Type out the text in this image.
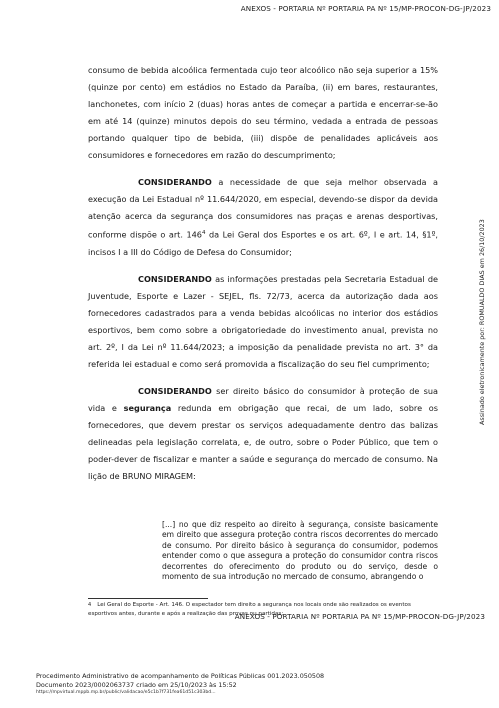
ANEXOS - PORTARIA Nº PORTARIA PA Nº 15/MP-PROCON-DG-JP/2023

consumo de bebida alcoólica fermentada cujo teor alcoólico não seja superior a 15% (quinze por cento) em estádios no Estado da Paraíba, (ii) em bares, restaurantes, lanchonetes, com início 2 (duas) horas antes de começar a partida e encerrar-se-ão em até 14 (quinze) minutos depois do seu término, vedada a entrada de pessoas portando qualquer tipo de bebida, (iii) dispõe de penalidades aplicáveis aos consumidores e fornecedores em razão do descumprimento;

CONSIDERANDO a necessidade de que seja melhor observada a execução da Lei Estadual nº 11.644/2020, em especial, devendo-se dispor da devida atenção acerca da segurança dos consumidores nas praças e arenas desportivas, conforme dispõe o art. $146^4$ da Lei Geral dos Esportes e os art. 6º, I e art. 14, §1º, incisos I a III do Código de Defesa do Consumidor;

CONSIDERANDO as informações prestadas pela Secretaria Estadual de Juventude, Esporte e Lazer - SEJEL, fls. 72/73, acerca da autorização dada aos fornecedores cadastrados para a venda bebidas alcoólicas no interior dos estádios esportivos, bem como sobre a obrigatoriedade do investimento anual, prevista no art. 2º, I da Lei nº 11.644/2023; a imposição da penalidade prevista no art. 3° da referida lei estadual e como será promovida a fiscalização do seu fiel cumprimento;

CONSIDERANDO ser direito básico do consumidor à proteção de sua vida e segurança redunda em obrigação que recai, de um lado, sobre os fornecedores, que devem prestar os serviços adequadamente dentro das balizas delineadas pela legislação correlata, e, de outro, sobre o Poder Público, que tem o poder-dever de fiscalizar e manter a saúde e segurança do mercado de consumo. Na lição de BRUNO MIRAGEM:

[...] no que diz respeito ao direito à segurança, consiste basicamente em direito que assegura proteção contra riscos decorrentes do mercado de consumo. Por direito básico à segurança do consumidor, podemos entender como o que assegura a proteção do consumidor contra riscos decorrentes do oferecimento do produto ou do serviço, desde o momento de sua introdução no mercado de consumo, abrangendo o
$^4$ Lei Geral do Esporte - Art. 146. O espectador tem direito a segurança nos locais onde são realizados os eventos esportivos antes, durante e após a realização das provas ou partidas;
ANEXOS - PORTARIA Nº PORTARIA PA Nº 15/MP-PROCON-DG-JP/2023
Assinado eletronicamente por: ROMUALDO DIAS em 26/10/2023
Procedimento Administrativo de acompanhamento de Políticas Públicas 001.2023.050508
Documento 2023/0002063737 criado em 25/10/2023 às 15:52
https://mpvirtual.mppb.mp.br/public/validacao/e5c1b7f731fea61d51c303bd...
